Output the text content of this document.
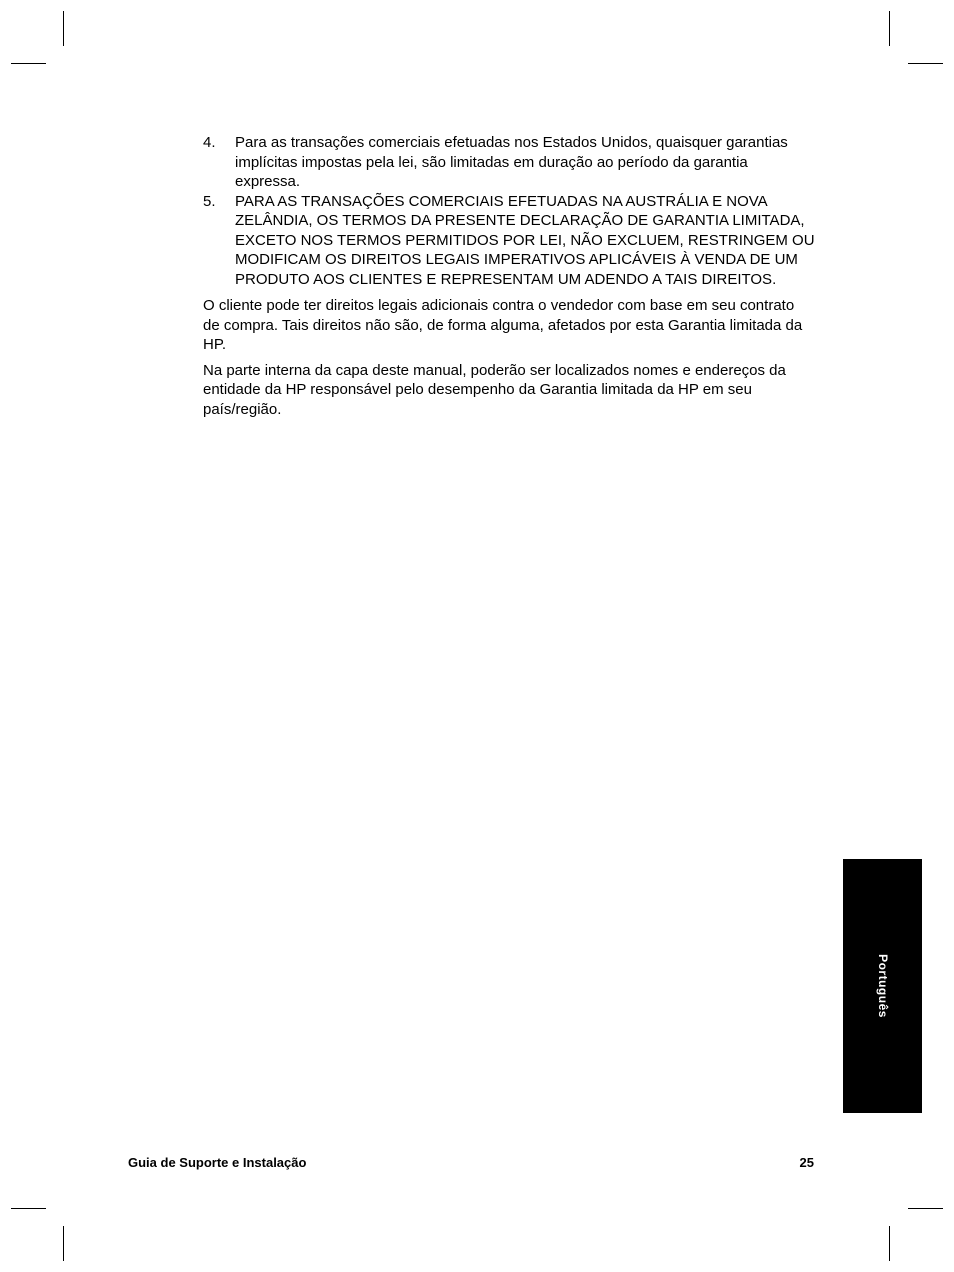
4. Para as transações comerciais efetuadas nos Estados Unidos, quaisquer garantias implícitas impostas pela lei, são limitadas em duração ao período da garantia expressa.
5. PARA AS TRANSAÇÕES COMERCIAIS EFETUADAS NA AUSTRÁLIA E NOVA ZELÂNDIA, OS TERMOS DA PRESENTE DECLARAÇÃO DE GARANTIA LIMITADA, EXCETO NOS TERMOS PERMITIDOS POR LEI, NÃO EXCLUEM, RESTRINGEM OU MODIFICAM OS DIREITOS LEGAIS IMPERATIVOS APLICÁVEIS À VENDA DE UM PRODUTO AOS CLIENTES E REPRESENTAM UM ADENDO A TAIS DIREITOS.

O cliente pode ter direitos legais adicionais contra o vendedor com base em seu contrato de compra. Tais direitos não são, de forma alguma, afetados por esta Garantia limitada da HP.

Na parte interna da capa deste manual, poderão ser localizados nomes e endereços da entidade da HP responsável pelo desempenho da Garantia limitada da HP em seu país/região.

Português
Guia de Suporte e Instalação	25
